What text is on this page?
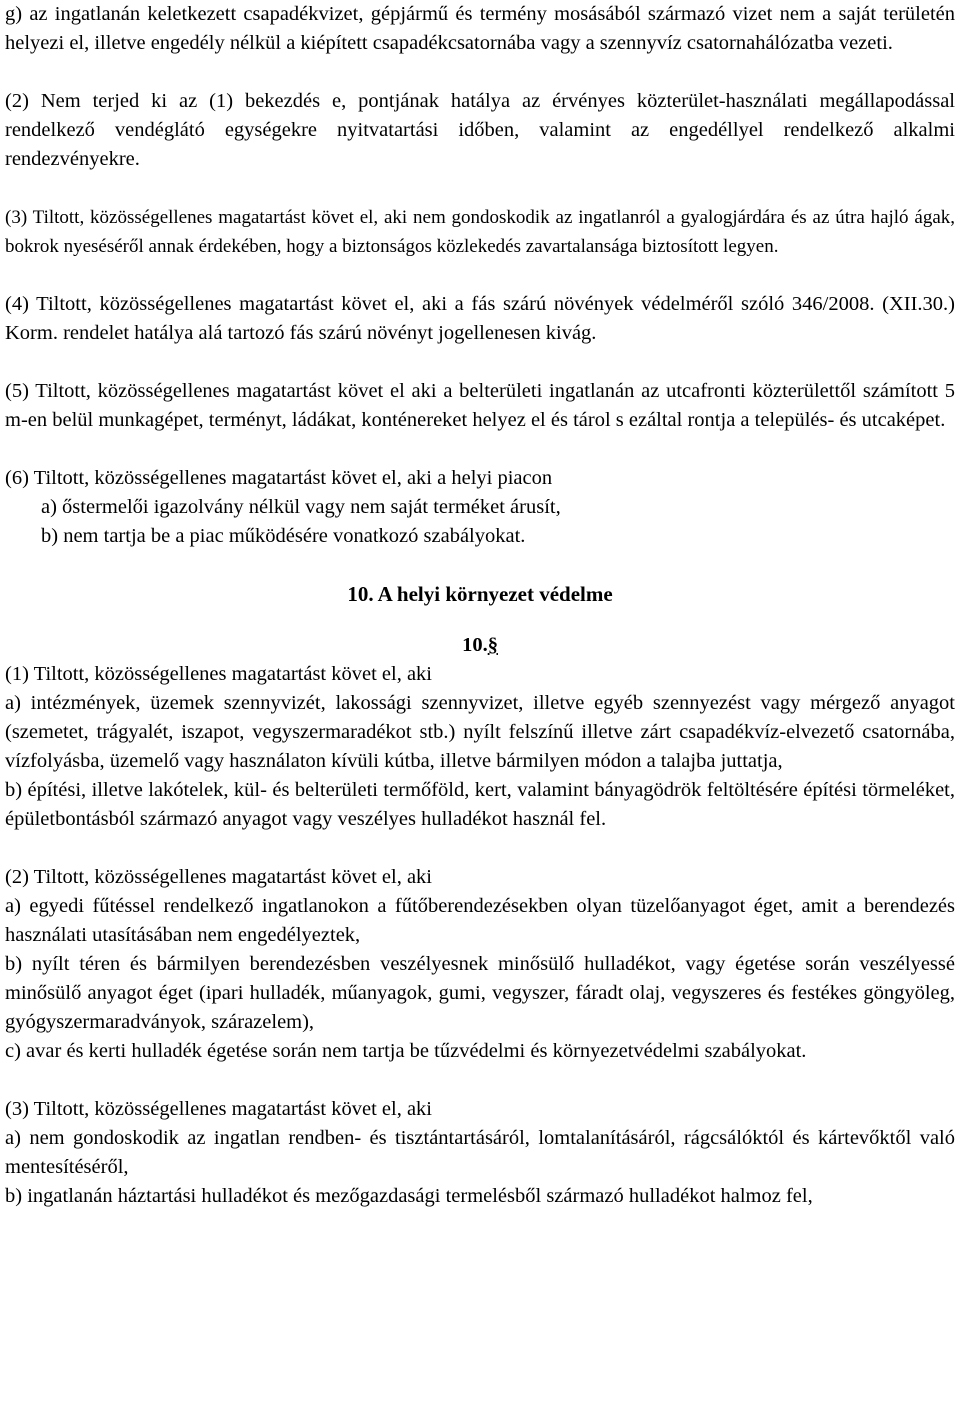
g) az ingatlanán keletkezett csapadékvizet, gépjármű és termény mosásából származó vizet nem a saját területén helyezi el, illetve engedély nélkül a kiépített csapadékcsatornába vagy a szennyvíz csatornahálózatba vezeti.

(2) Nem terjed ki az (1) bekezdés e, pontjának hatálya az érvényes közterület-használati megállapodással rendelkező vendéglátó egységekre nyitvatartási időben, valamint az engedéllyel rendelkező alkalmi rendezvényekre.

(3) Tiltott, közösségellenes magatartást követ el, aki nem gondoskodik az ingatlanról a gyalogjárdára és az útra hajló ágak, bokrok nyeséséről annak érdekében, hogy a biztonságos közlekedés zavartalansága biztosított legyen.

(4) Tiltott, közösségellenes magatartást követ el, aki a fás szárú növények védelméről szóló 346/2008. (XII.30.) Korm. rendelet hatálya alá tartozó fás szárú növényt jogellenesen kivág.

(5) Tiltott, közösségellenes magatartást követ el aki a belterületi ingatlanán az utcafronti közterülettől számított 5 m-en belül munkagépet, terményt, ládákat, konténereket helyez el és tárol s ezáltal rontja a település- és utcaképet.

(6) Tiltott, közösségellenes magatartást követ el, aki a helyi piacon

a) őstermelői igazolvány nélkül vagy nem saját terméket árusít,

b) nem tartja be a piac működésére vonatkozó szabályokat.

10. A helyi környezet védelme

10.§

(1) Tiltott, közösségellenes magatartást követ el, aki

a) intézmények, üzemek szennyvizét, lakossági szennyvizet, illetve egyéb szennyezést vagy mérgező anyagot (szemetet, trágyalét, iszapot, vegyszermaradékot stb.) nyílt felszínű illetve zárt csapadékvíz-elvezető csatornába, vízfolyásba, üzemelő vagy használaton kívüli kútba, illetve bármilyen módon a talajba juttatja,

b) építési, illetve lakótelek, kül- és belterületi termőföld, kert, valamint bányagödrök feltöltésére építési törmeléket, épületbontásból származó anyagot vagy veszélyes hulladékot használ fel.

(2) Tiltott, közösségellenes magatartást követ el, aki

a) egyedi fűtéssel rendelkező ingatlanokon a fűtőberendezésekben olyan tüzelőanyagot éget, amit a berendezés használati utasításában nem engedélyeztek,

b) nyílt téren és bármilyen berendezésben veszélyesnek minősülő hulladékot, vagy égetése során veszélyessé minősülő anyagot éget (ipari hulladék, műanyagok, gumi, vegyszer, fáradt olaj, vegyszeres és festékes göngyöleg, gyógyszermaradványok, szárazelem),

c) avar és kerti hulladék égetése során nem tartja be tűzvédelmi és környezetvédelmi szabályokat.

(3) Tiltott, közösségellenes magatartást követ el, aki

a) nem gondoskodik az ingatlan rendben- és tisztántartásáról, lomtalanításáról, rágcsálóktól és kártevőktől való mentesítéséről,

b) ingatlanán háztartási hulladékot és mezőgazdasági termelésből származó hulladékot halmoz fel,
